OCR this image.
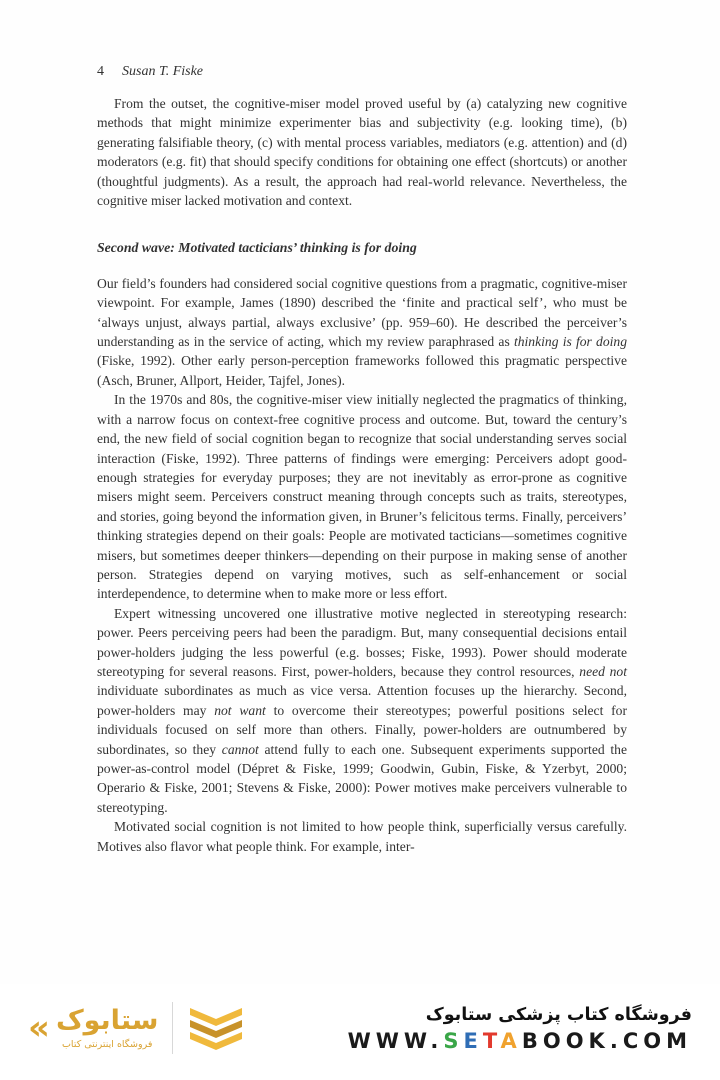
4 Susan T. Fiske

From the outset, the cognitive-miser model proved useful by (a) catalyzing new cognitive methods that might minimize experimenter bias and subjectivity (e.g. looking time), (b) generating falsifiable theory, (c) with mental process variables, mediators (e.g. attention) and (d) moderators (e.g. fit) that should specify conditions for obtaining one effect (shortcuts) or another (thoughtful judgments). As a result, the approach had real-world relevance. Nevertheless, the cognitive miser lacked motivation and context.

Second wave: Motivated tacticians’ thinking is for doing

Our field’s founders had considered social cognitive questions from a pragmatic, cognitive-miser viewpoint. For example, James (1890) described the ‘finite and practical self’, who must be ‘always unjust, always partial, always exclusive’ (pp. 959–60). He described the perceiver’s understanding as in the service of acting, which my review paraphrased as thinking is for doing (Fiske, 1992). Other early person-perception frameworks followed this pragmatic perspective (Asch, Bruner, Allport, Heider, Tajfel, Jones).

In the 1970s and 80s, the cognitive-miser view initially neglected the pragmatics of thinking, with a narrow focus on context-free cognitive process and outcome. But, toward the century’s end, the new field of social cognition began to recognize that social understanding serves social interaction (Fiske, 1992). Three patterns of findings were emerging: Perceivers adopt good-enough strategies for everyday purposes; they are not inevitably as error-prone as cognitive misers might seem. Perceivers construct meaning through concepts such as traits, stereotypes, and stories, going beyond the information given, in Bruner’s felicitous terms. Finally, perceivers’ thinking strategies depend on their goals: People are motivated tacticians—sometimes cognitive misers, but sometimes deeper thinkers—depending on their purpose in making sense of another person. Strategies depend on varying motives, such as self-enhancement or social interdependence, to determine when to make more or less effort.

Expert witnessing uncovered one illustrative motive neglected in stereotyping research: power. Peers perceiving peers had been the paradigm. But, many consequential decisions entail power-holders judging the less powerful (e.g. bosses; Fiske, 1993). Power should moderate stereotyping for several reasons. First, power-holders, because they control resources, need not individuate subordinates as much as vice versa. Attention focuses up the hierarchy. Second, power-holders may not want to overcome their stereotypes; powerful positions select for individuals focused on self more than others. Finally, power-holders are outnumbered by subordinates, so they cannot attend fully to each one. Subsequent experiments supported the power-as-control model (Dépret & Fiske, 1999; Goodwin, Gubin, Fiske, & Yzerbyt, 2000; Operario & Fiske, 2001; Stevens & Fiske, 2000): Power motives make perceivers vulnerable to stereotyping.

Motivated social cognition is not limited to how people think, superficially versus carefully. Motives also flavor what people think. For example, inter-

« ستابوک
فروشگاه اینترنتی کتاب
فروشگاه کتاب پزشکی ستابوک
WWW.SETABOOK.COM
